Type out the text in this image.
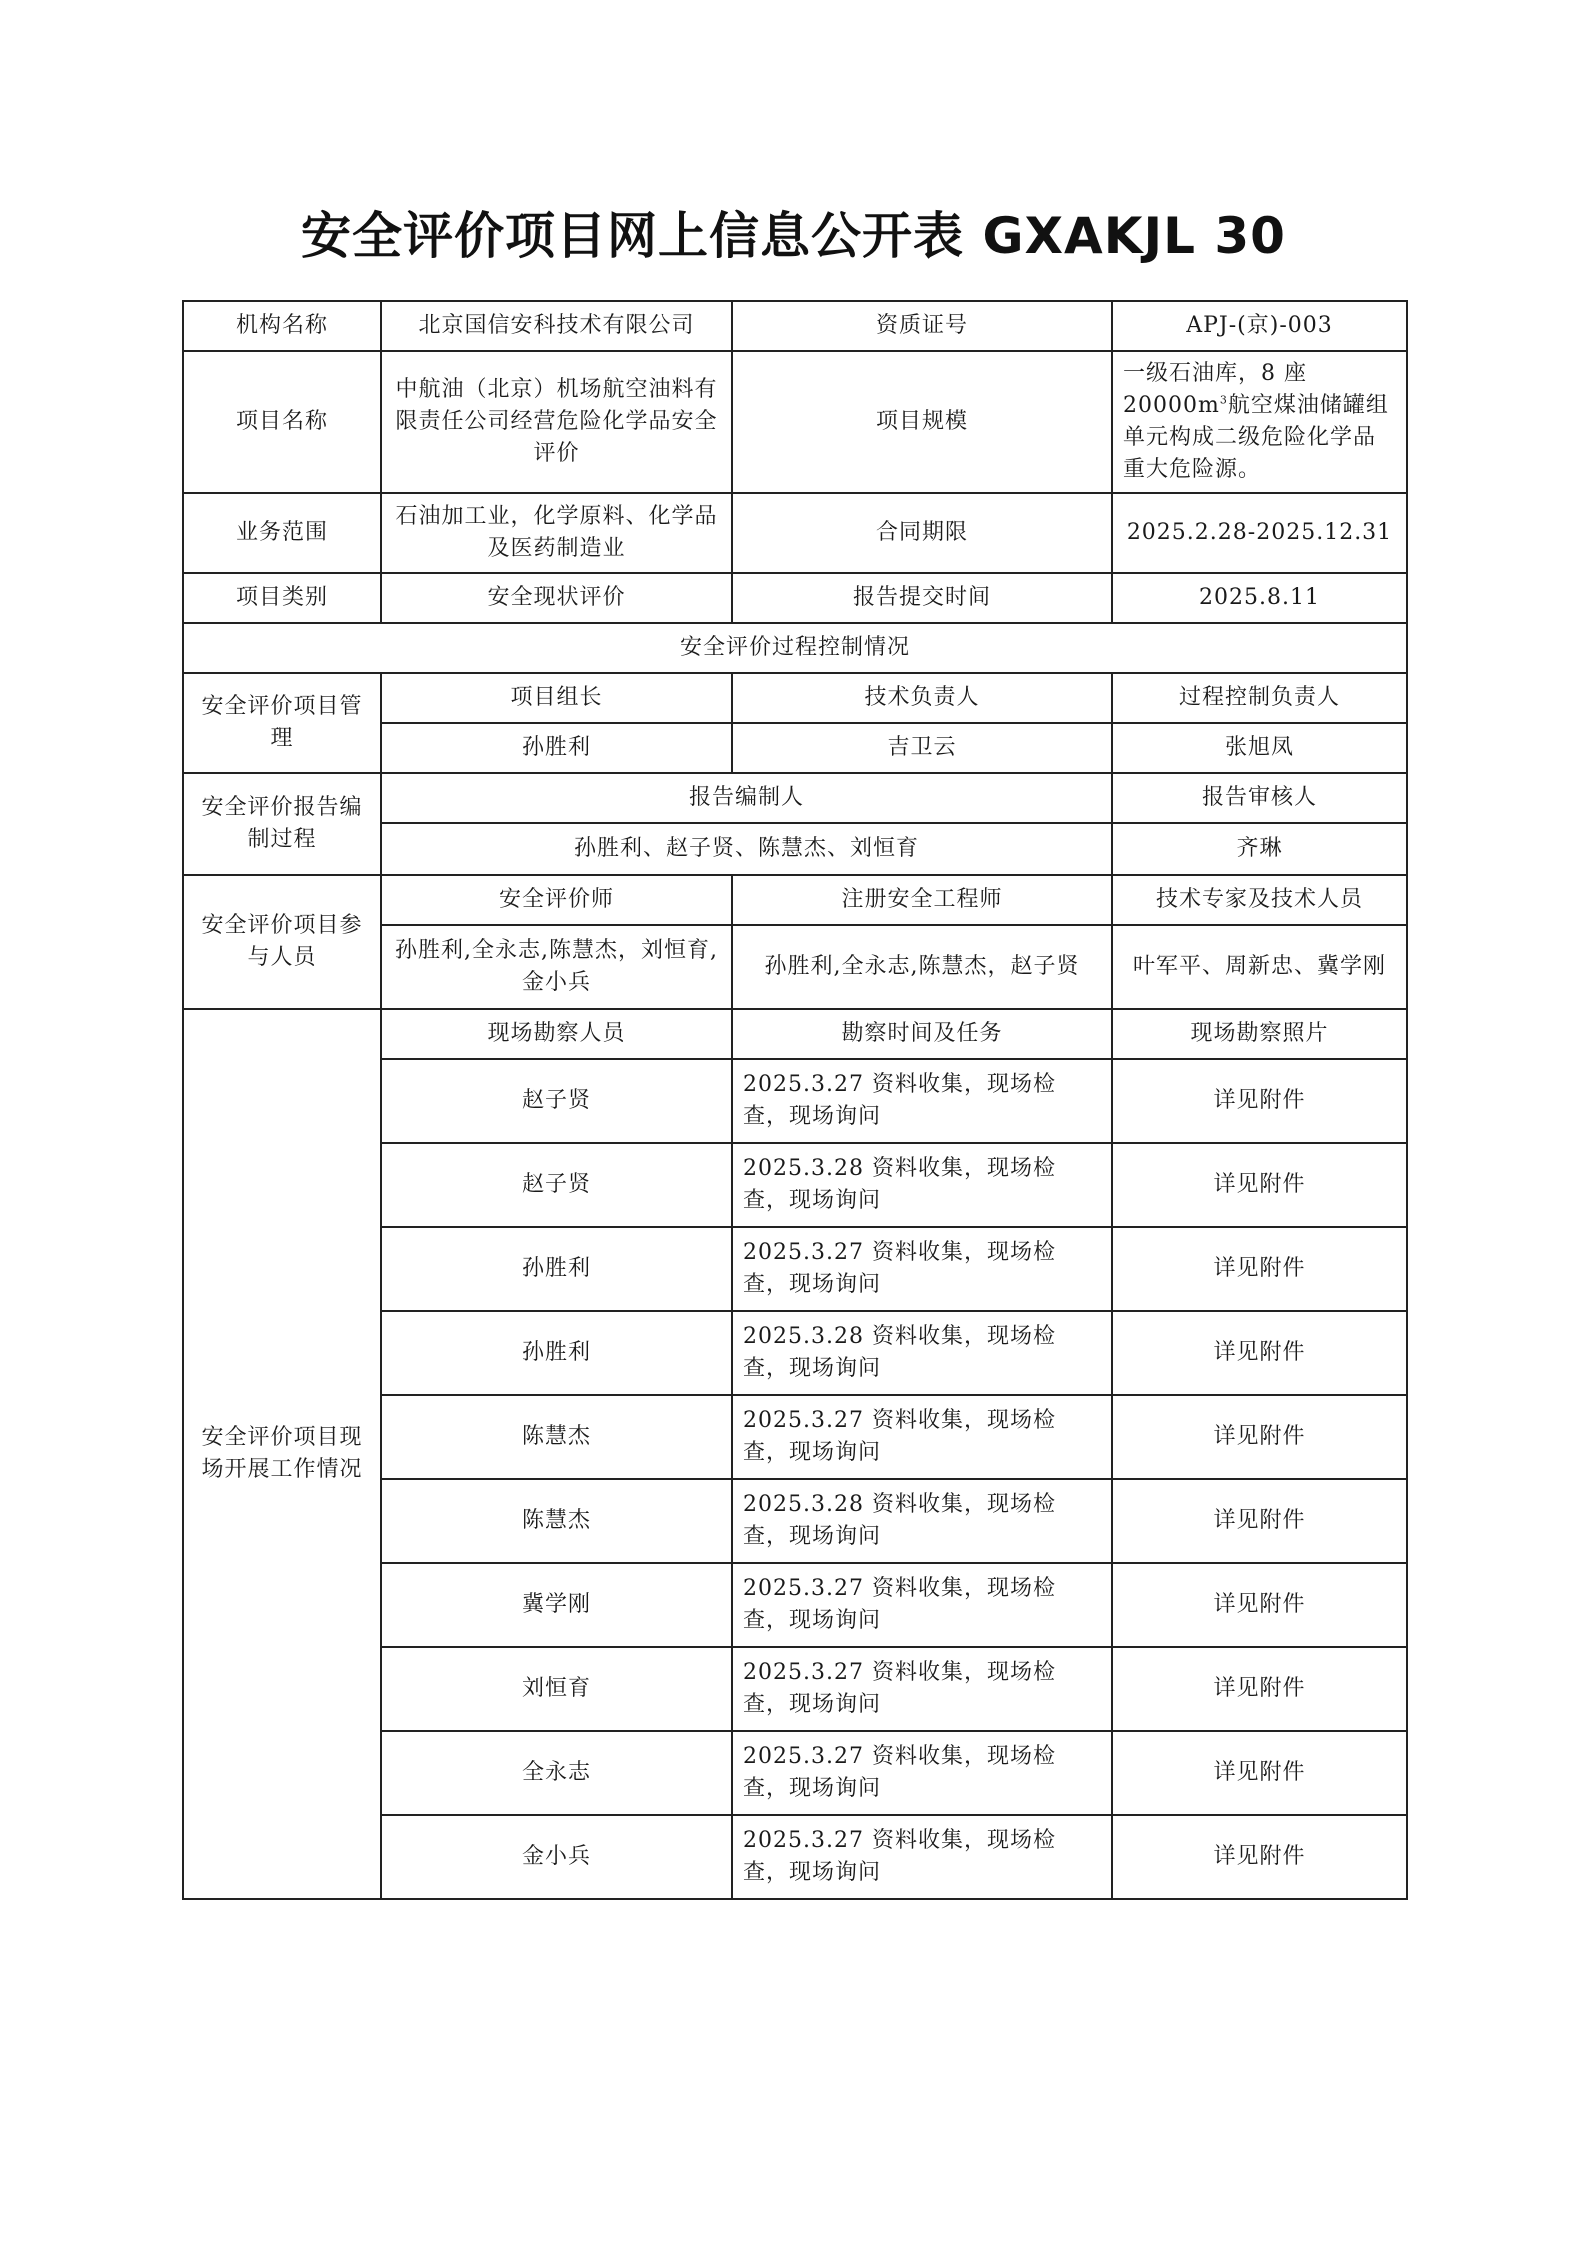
安全评价项目网上信息公开表 GXAKJL 30
机构名称	北京国信安科技术有限公司	资质证号	APJ-(京)-003
项目名称	中航油（北京）机场航空油料有限责任公司经营危险化学品安全评价	项目规模	一级石油库，8 座 $20000m^3$航空煤油储罐组单元构成二级危险化学品重大危险源。
业务范围	石油加工业，化学原料、化学品及医药制造业	合同期限	2025.2.28-2025.12.31
项目类别	安全现状评价	报告提交时间	2025.8.11
安全评价过程控制情况			
安全评价项目管理	项目组长	技术负责人	过程控制负责人
	孙胜利	吉卫云	张旭凤
安全评价报告编制过程	报告编制人		报告审核人
	孙胜利、赵子贤、陈慧杰、刘恒育		齐琳
安全评价项目参与人员	安全评价师	注册安全工程师	技术专家及技术人员
	孙胜利,全永志,陈慧杰，刘恒育,金小兵	孙胜利,全永志,陈慧杰，赵子贤	叶军平、周新忠、冀学刚
安全评价项目现场开展工作情况	现场勘察人员	勘察时间及任务	现场勘察照片
	赵子贤	2025.3.27 资料收集，现场检查，现场询问	详见附件
	赵子贤	2025.3.28 资料收集，现场检查，现场询问	详见附件
	孙胜利	2025.3.27 资料收集，现场检查，现场询问	详见附件
	孙胜利	2025.3.28 资料收集，现场检查，现场询问	详见附件
	陈慧杰	2025.3.27 资料收集，现场检查，现场询问	详见附件
	陈慧杰	2025.3.28 资料收集，现场检查，现场询问	详见附件
	冀学刚	2025.3.27 资料收集，现场检查，现场询问	详见附件
	刘恒育	2025.3.27 资料收集，现场检查，现场询问	详见附件
	全永志	2025.3.27 资料收集，现场检查，现场询问	详见附件
	金小兵	2025.3.27 资料收集，现场检查，现场询问	详见附件
